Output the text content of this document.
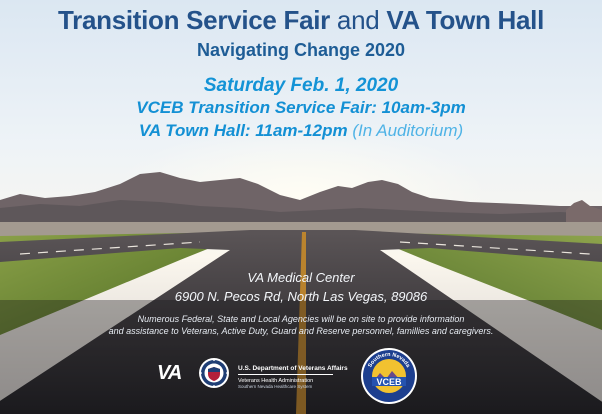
Transition Service Fair and VA Town Hall
Navigating Change 2020
Saturday Feb. 1, 2020
VCEB Transition Service Fair: 10am-3pm
VA Town Hall: 11am-12pm (In Auditorium)
VA Medical Center
6900 N. Pecos Rd, North Las Vegas, 89086
Numerous Federal, State and Local Agencies will be on site to provide information
and assistance to Veterans, Active Duty, Guard and Reserve personnel, famillies and caregivers.
VA	U.S. Department of Veterans Affairs
Veterans Health Administration
Southern Nevada Healthcare System	VCEB
Southern Nevada
